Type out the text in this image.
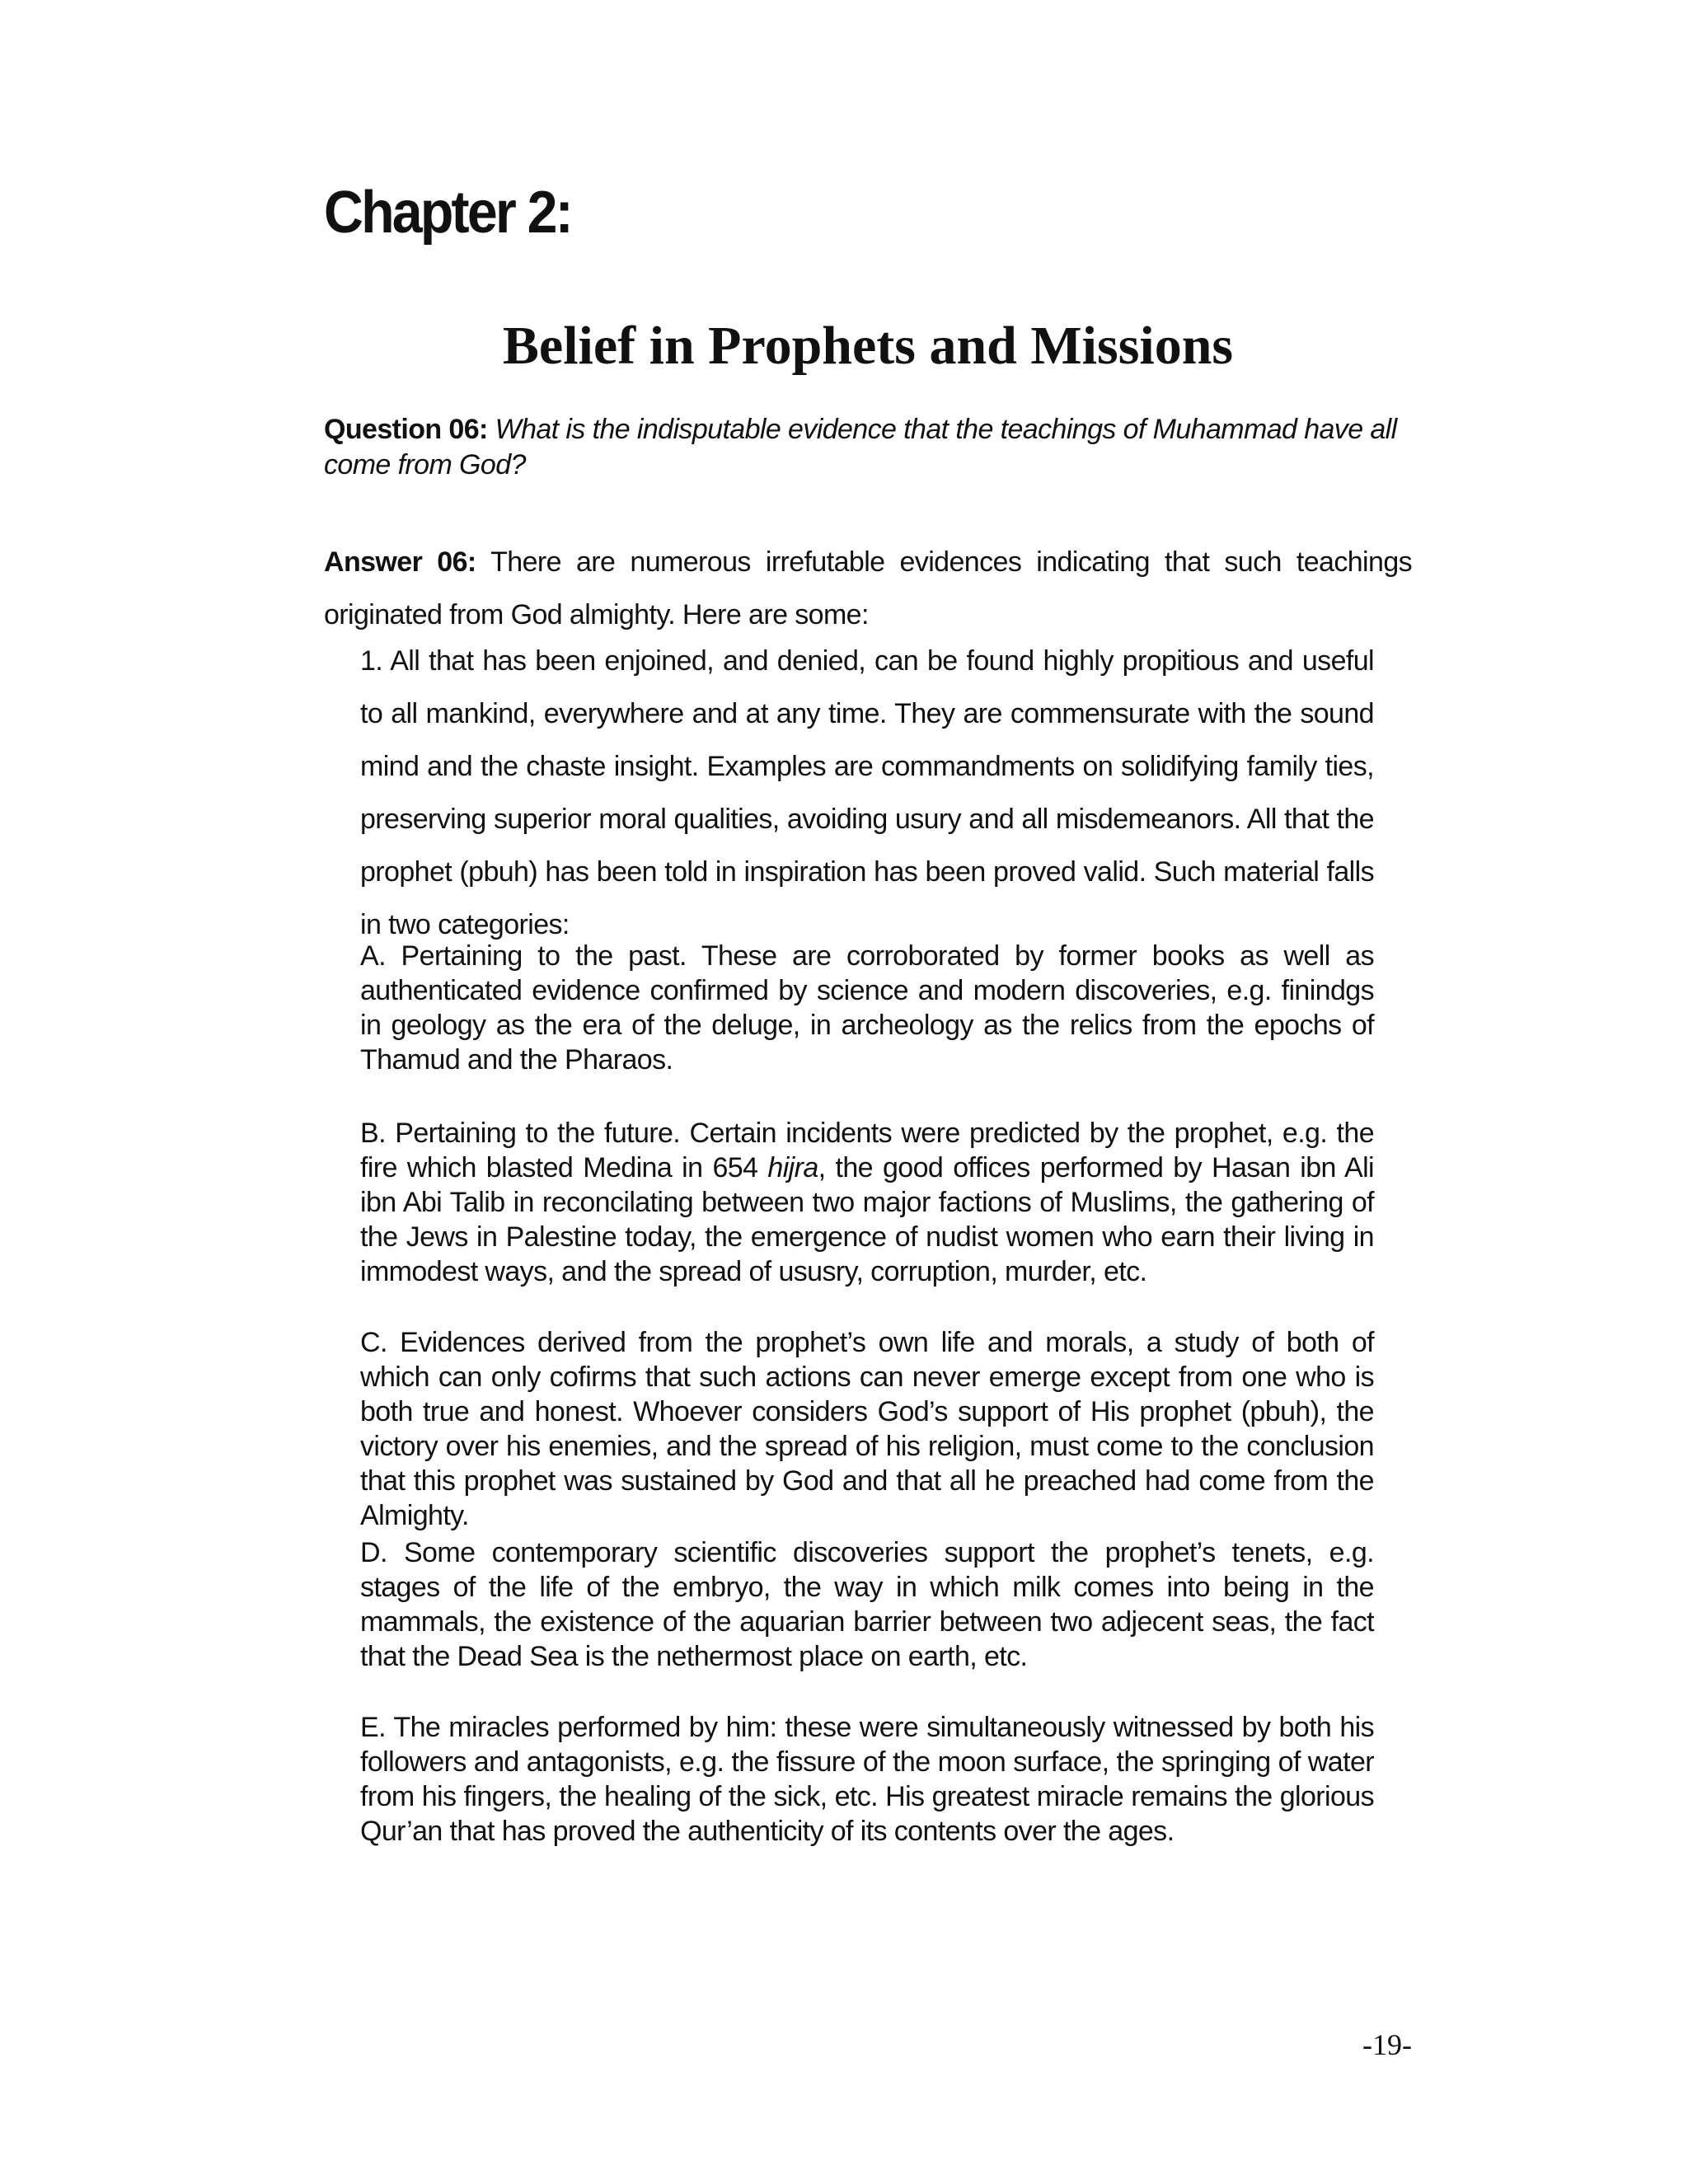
Chapter 2:
Belief in Prophets and Missions

Question 06: What is the indisputable evidence that the teachings of Muhammad have all come from God?

Answer 06: There are numerous irrefutable evidences indicating that such teachings originated from God almighty. Here are some:

1. All that has been enjoined, and denied, can be found highly propitious and useful to all mankind, everywhere and at any time. They are commensurate with the sound mind and the chaste insight. Examples are commandments on solidifying family ties, preserving superior moral qualities, avoiding usury and all misdemeanors. All that the prophet (pbuh) has been told in inspiration has been proved valid. Such material falls in two categories:

A. Pertaining to the past. These are corroborated by former books as well as authenticated evidence confirmed by science and modern discoveries, e.g. finindgs in geology as the era of the deluge, in archeology as the relics from the epochs of Thamud and the Pharaos.

B. Pertaining to the future. Certain incidents were predicted by the prophet, e.g. the fire which blasted Medina in 654 hijra, the good offices performed by Hasan ibn Ali ibn Abi Talib in reconcilating between two major factions of Muslims, the gathering of the Jews in Palestine today, the emergence of nudist women who earn their living in immodest ways, and the spread of ususry, corruption, murder, etc.

C. Evidences derived from the prophet’s own life and morals, a study of both of which can only cofirms that such actions can never emerge except from one who is both true and honest. Whoever considers God’s support of His prophet (pbuh), the victory over his enemies, and the spread of his religion, must come to the conclusion that this prophet was sustained by God and that all he preached had come from the Almighty.

D. Some contemporary scientific discoveries support the prophet’s tenets, e.g. stages of the life of the embryo, the way in which milk comes into being in the mammals, the existence of the aquarian barrier between two adjecent seas, the fact that the Dead Sea is the nethermost place on earth, etc.

E. The miracles performed by him: these were simultaneously witnessed by both his followers and antagonists, e.g. the fissure of the moon surface, the springing of water from his fingers, the healing of the sick, etc. His greatest miracle remains the glorious Qur’an that has proved the authenticity of its contents over the ages.

-19-
